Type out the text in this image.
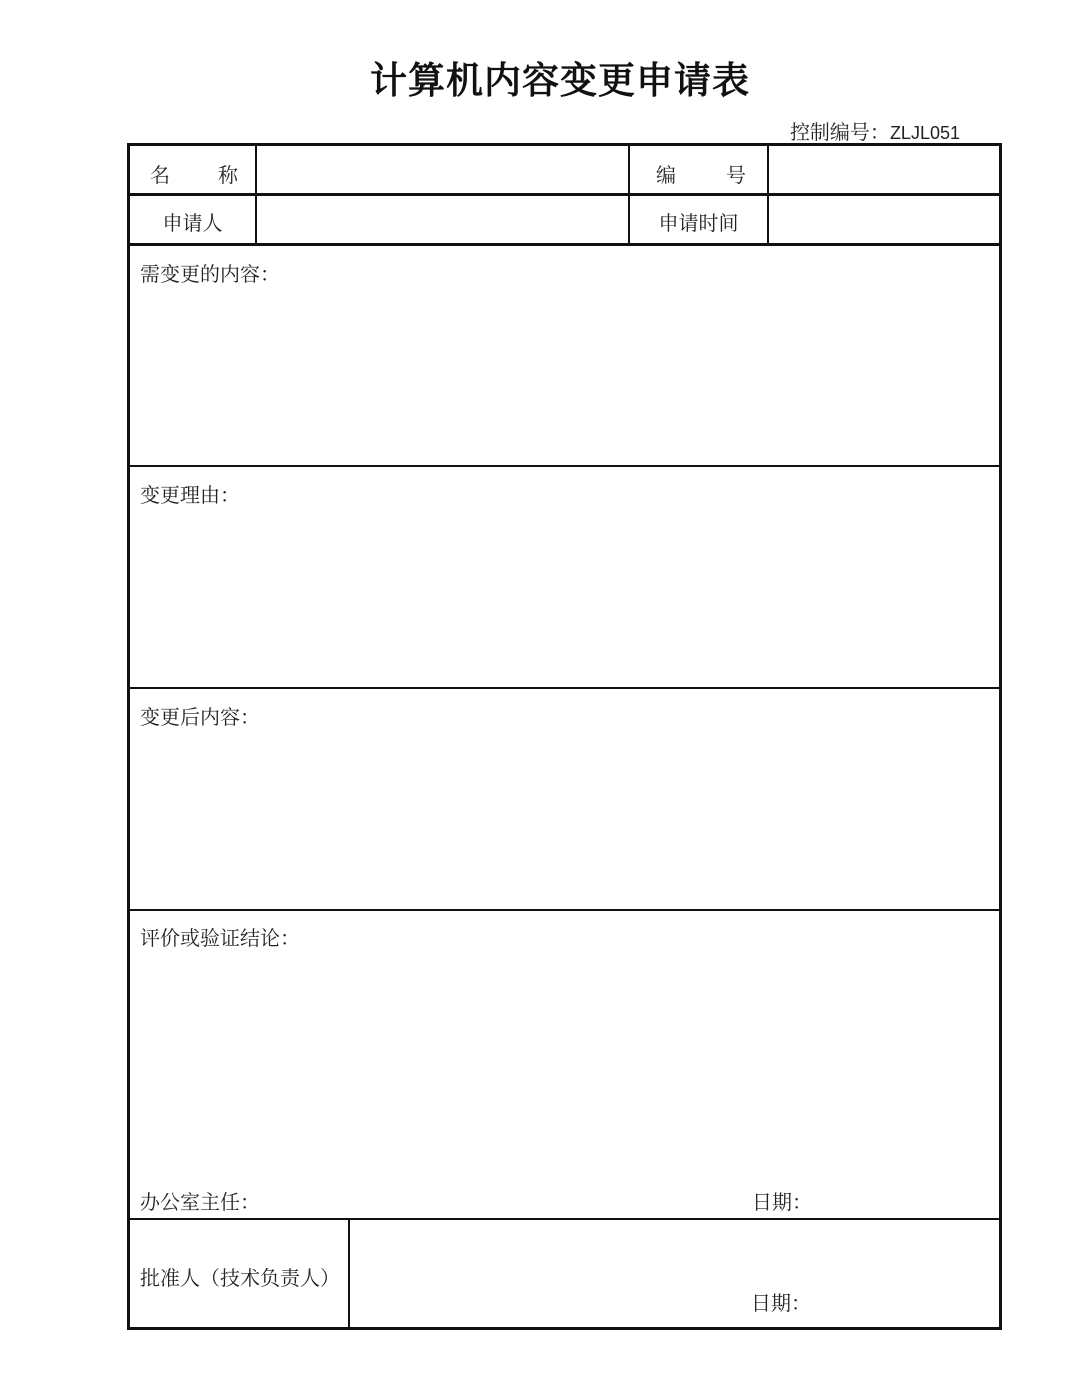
计算机内容变更申请表
控制编号：ZLJL051
名 称	编	号
申请人	申请时间
需变更的内容：
变更理由：
变更后内容：
评价或验证结论：
办公室主任：	日期：
批准人（技术负责人）
日期：
